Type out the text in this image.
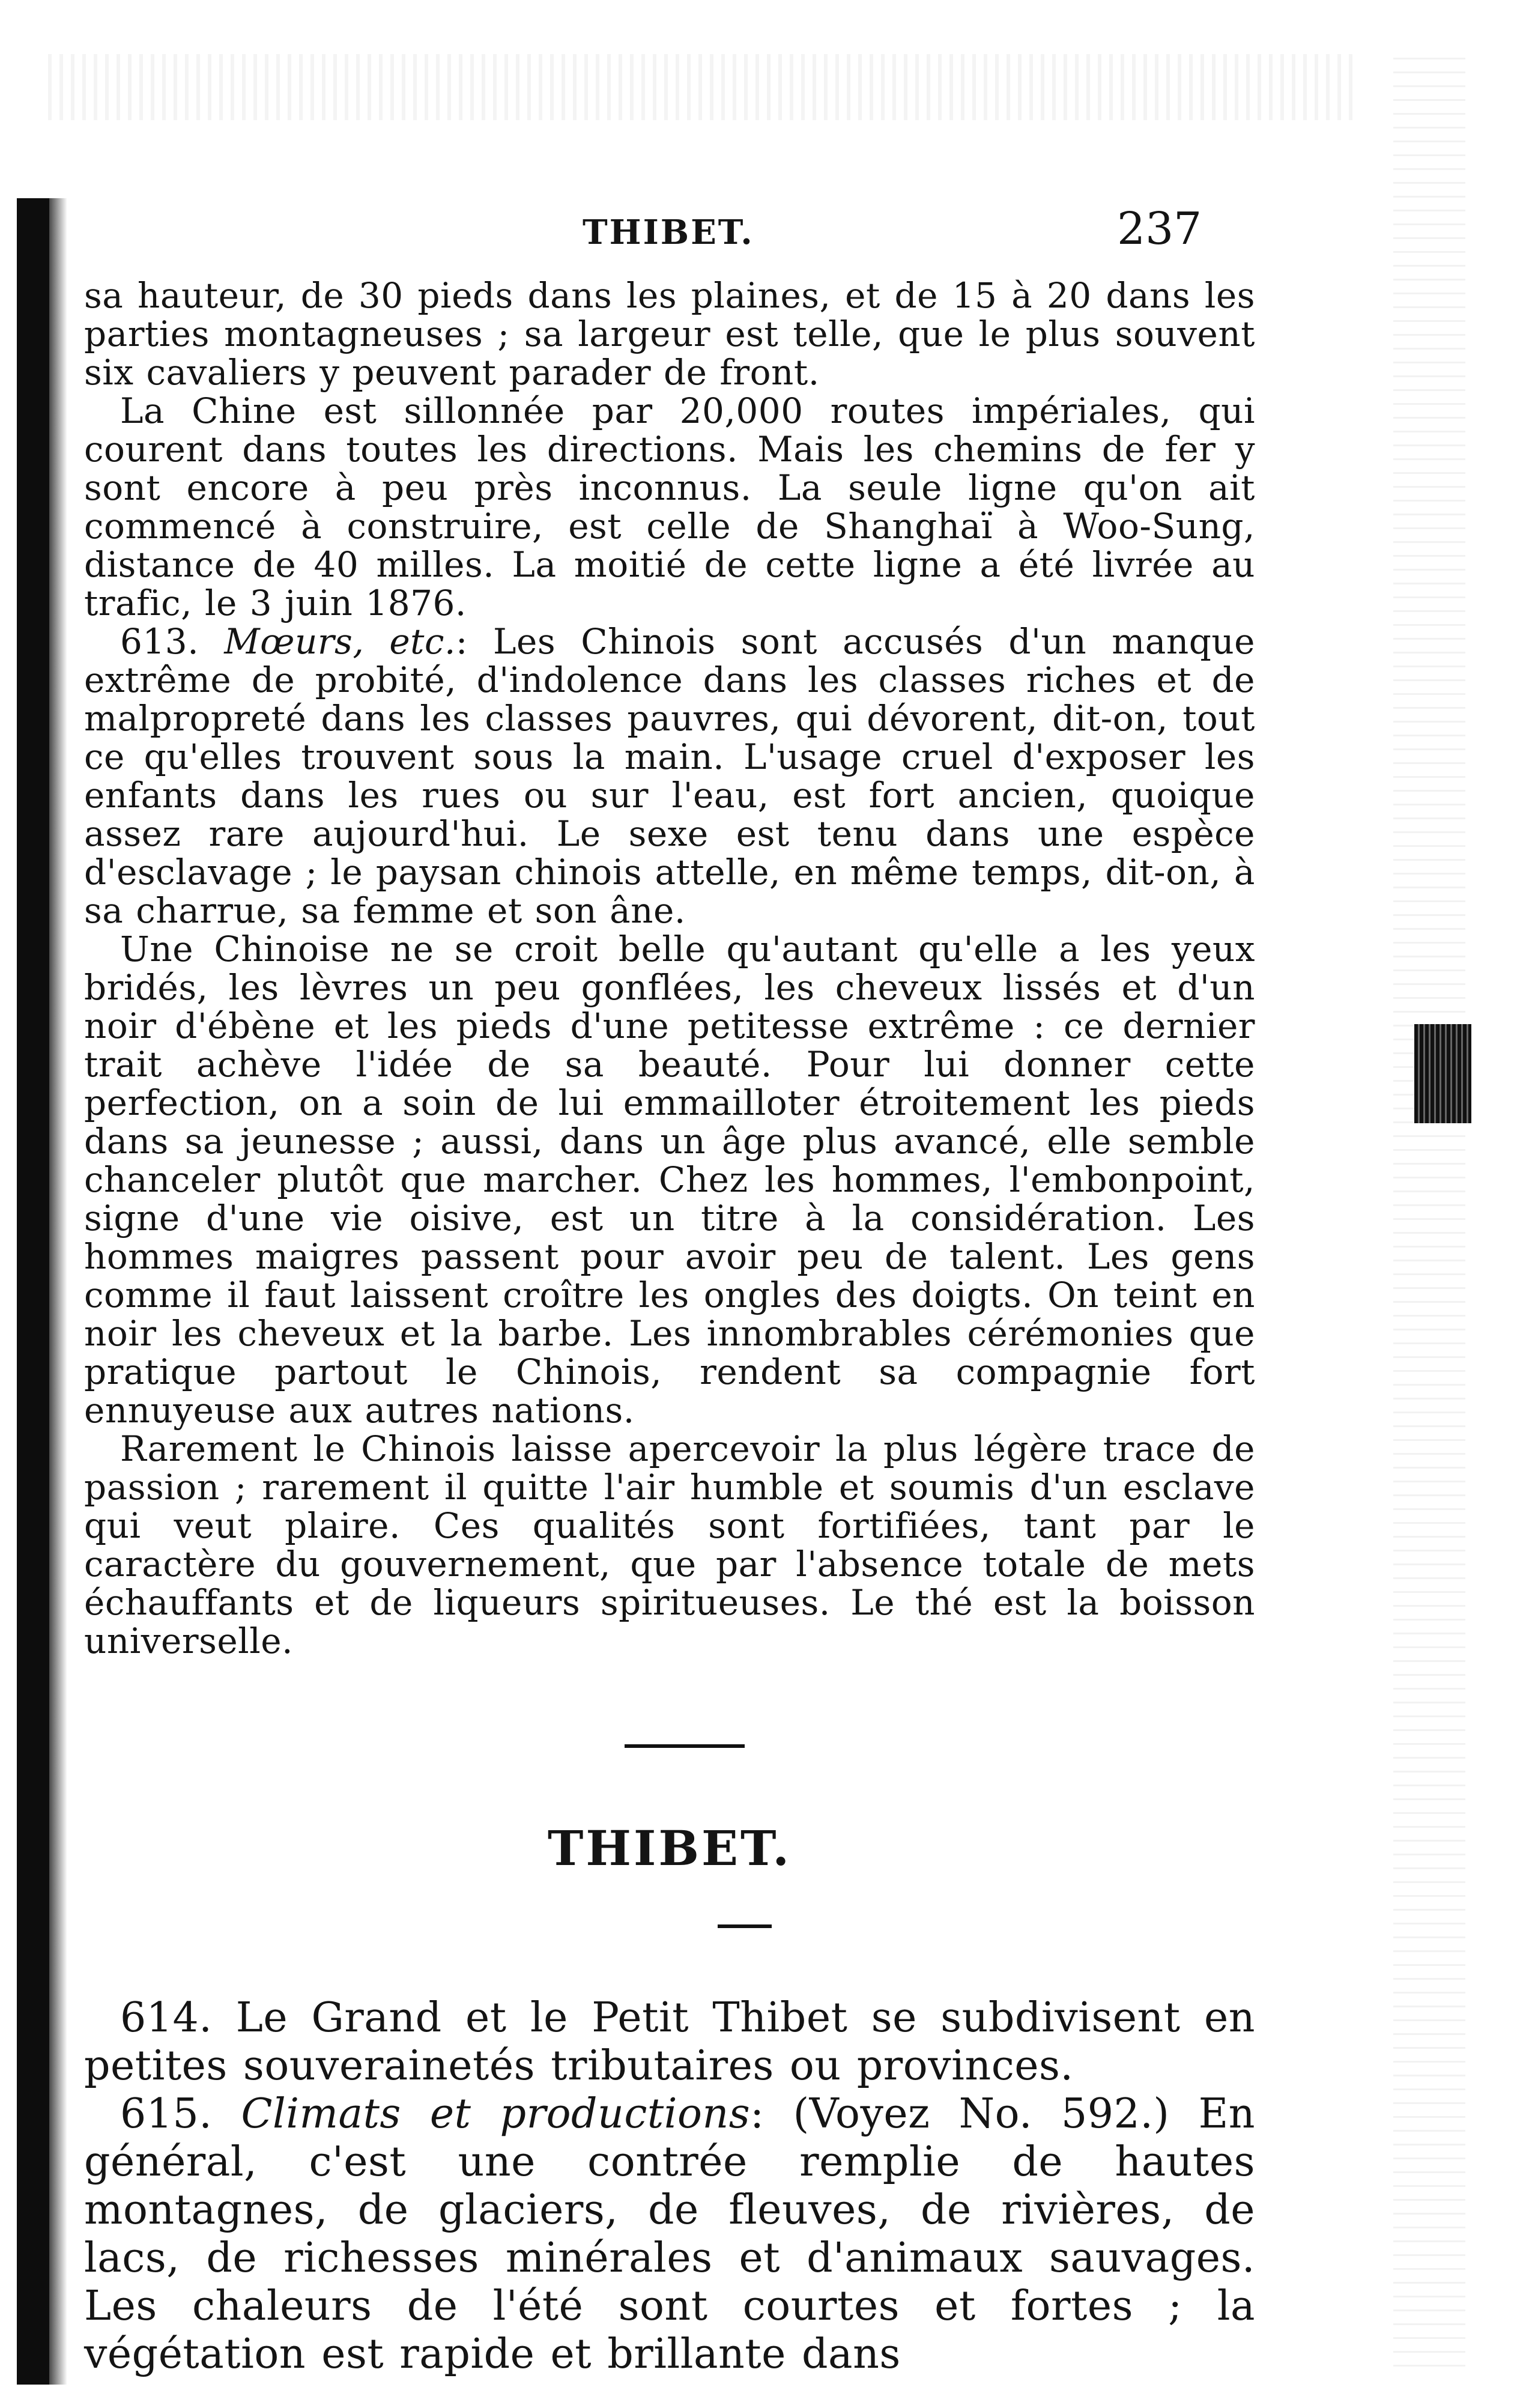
THIBET.	237

sa hauteur, de 30 pieds dans les plaines, et de 15 à 20 dans les parties montagneuses ; sa largeur est telle, que le plus souvent six cavaliers y peuvent parader de front.

La Chine est sillonnée par 20,000 routes impériales, qui courent dans toutes les directions. Mais les chemins de fer y sont encore à peu près inconnus. La seule ligne qu'on ait commencé à construire, est celle de Shanghaï à Woo-Sung, distance de 40 milles. La moitié de cette ligne a été livrée au trafic, le 3 juin 1876.

613. Mœurs, etc.: Les Chinois sont accusés d'un manque extrême de probité, d'indolence dans les classes riches et de malpropreté dans les classes pauvres, qui dévorent, dit-on, tout ce qu'elles trouvent sous la main. L'usage cruel d'exposer les enfants dans les rues ou sur l'eau, est fort ancien, quoique assez rare aujourd'hui. Le sexe est tenu dans une espèce d'esclavage ; le paysan chinois attelle, en même temps, dit-on, à sa charrue, sa femme et son âne.

Une Chinoise ne se croit belle qu'autant qu'elle a les yeux bridés, les lèvres un peu gonflées, les cheveux lissés et d'un noir d'ébène et les pieds d'une petitesse extrême : ce dernier trait achève l'idée de sa beauté. Pour lui donner cette perfection, on a soin de lui emmailloter étroitement les pieds dans sa jeunesse ; aussi, dans un âge plus avancé, elle semble chanceler plutôt que marcher. Chez les hommes, l'embonpoint, signe d'une vie oisive, est un titre à la considération. Les hommes maigres passent pour avoir peu de talent. Les gens comme il faut laissent croître les ongles des doigts. On teint en noir les cheveux et la barbe. Les innombrables cérémonies que pratique partout le Chinois, rendent sa compagnie fort ennuyeuse aux autres nations.

Rarement le Chinois laisse apercevoir la plus légère trace de passion ; rarement il quitte l'air humble et soumis d'un esclave qui veut plaire. Ces qualités sont fortifiées, tant par le caractère du gouvernement, que par l'absence totale de mets échauffants et de liqueurs spiritueuses. Le thé est la boisson universelle.

THIBET.

614. Le Grand et le Petit Thibet se subdivisent en petites souverainetés tributaires ou provinces.

615. Climats et productions: (Voyez No. 592.) En général, c'est une contrée remplie de hautes montagnes, de glaciers, de fleuves, de rivières, de lacs, de richesses minérales et d'animaux sauvages. Les chaleurs de l'été sont courtes et fortes ; la végétation est rapide et brillante dans
